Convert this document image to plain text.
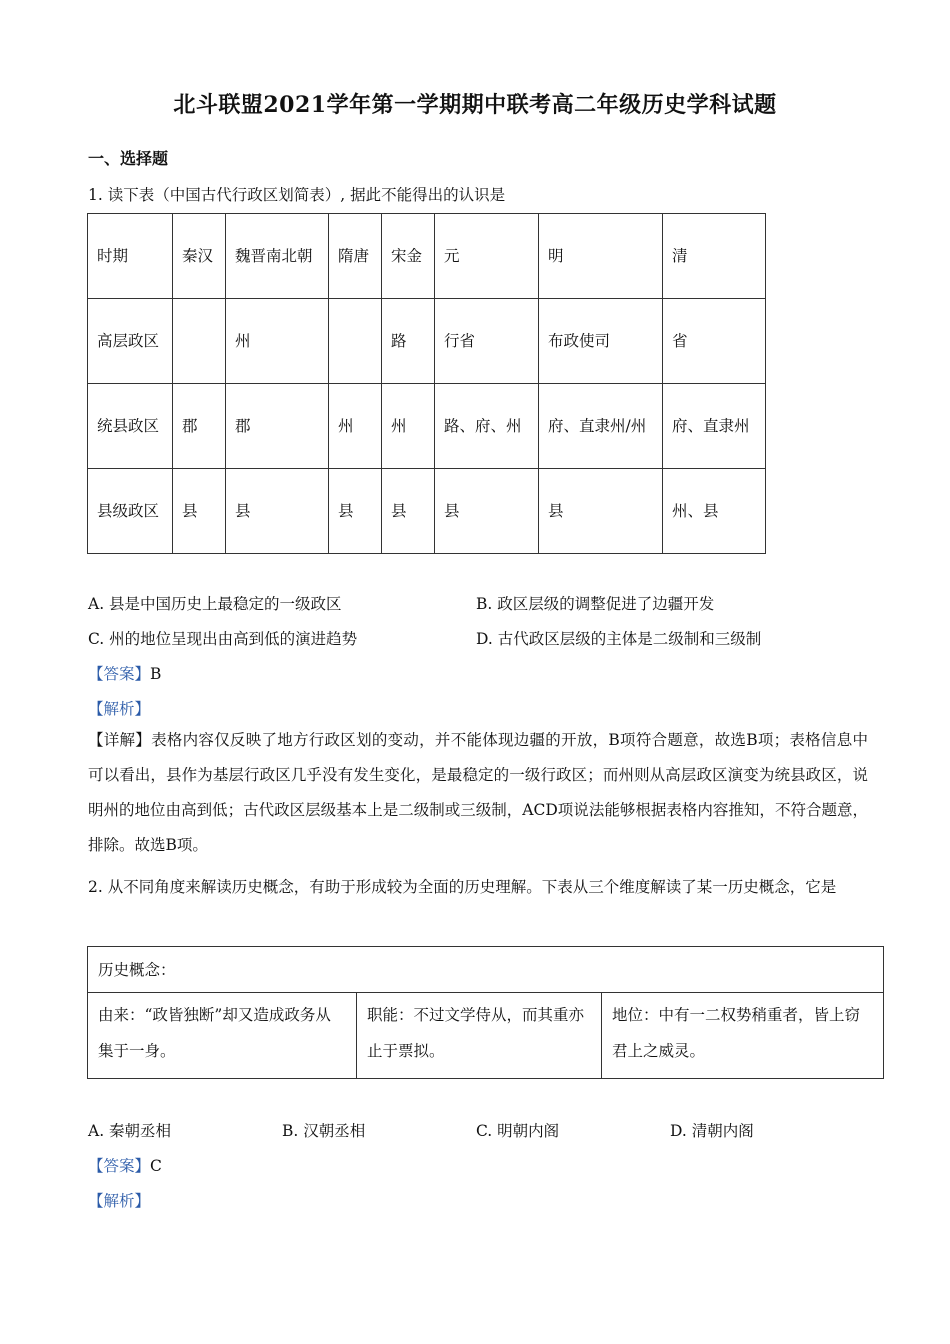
北斗联盟2021学年第一学期期中联考高二年级历史学科试题
一、选择题
1. 读下表（中国古代行政区划简表）, 据此不能得出的认识是
时期	秦汉	魏晋南北朝	隋唐	宋金	元	明	清
高层政区		州		路	行省	布政使司	省
统县政区	郡	郡	州	州	路、府、州	府、直隶州/州	府、直隶州
县级政区	县	县	县	县	县	县	州、县
A. 县是中国历史上最稳定的一级政区	B. 政区层级的调整促进了边疆开发
C. 州的地位呈现出由高到低的演进趋势	D. 古代政区层级的主体是二级制和三级制
【答案】B
【解析】
【详解】表格内容仅反映了地方行政区划的变动，并不能体现边疆的开放，B项符合题意，故选B项；表格信息中可以看出，县作为基层行政区几乎没有发生变化，是最稳定的一级行政区；而州则从高层政区演变为统县政区，说明州的地位由高到低；古代政区层级基本上是二级制或三级制，ACD项说法能够根据表格内容推知，不符合题意，排除。故选B项。
2. 从不同角度来解读历史概念，有助于形成较为全面的历史理解。下表从三个维度解读了某一历史概念，它是
历史概念：
由来：“政皆独断”却又造成政务从集于一身。	职能：不过文学侍从，而其重亦止于票拟。	地位：中有一二权势稍重者，皆上窃君上之威灵。
A. 秦朝丞相	B. 汉朝丞相	C. 明朝内阁	D. 清朝内阁
【答案】C
【解析】
